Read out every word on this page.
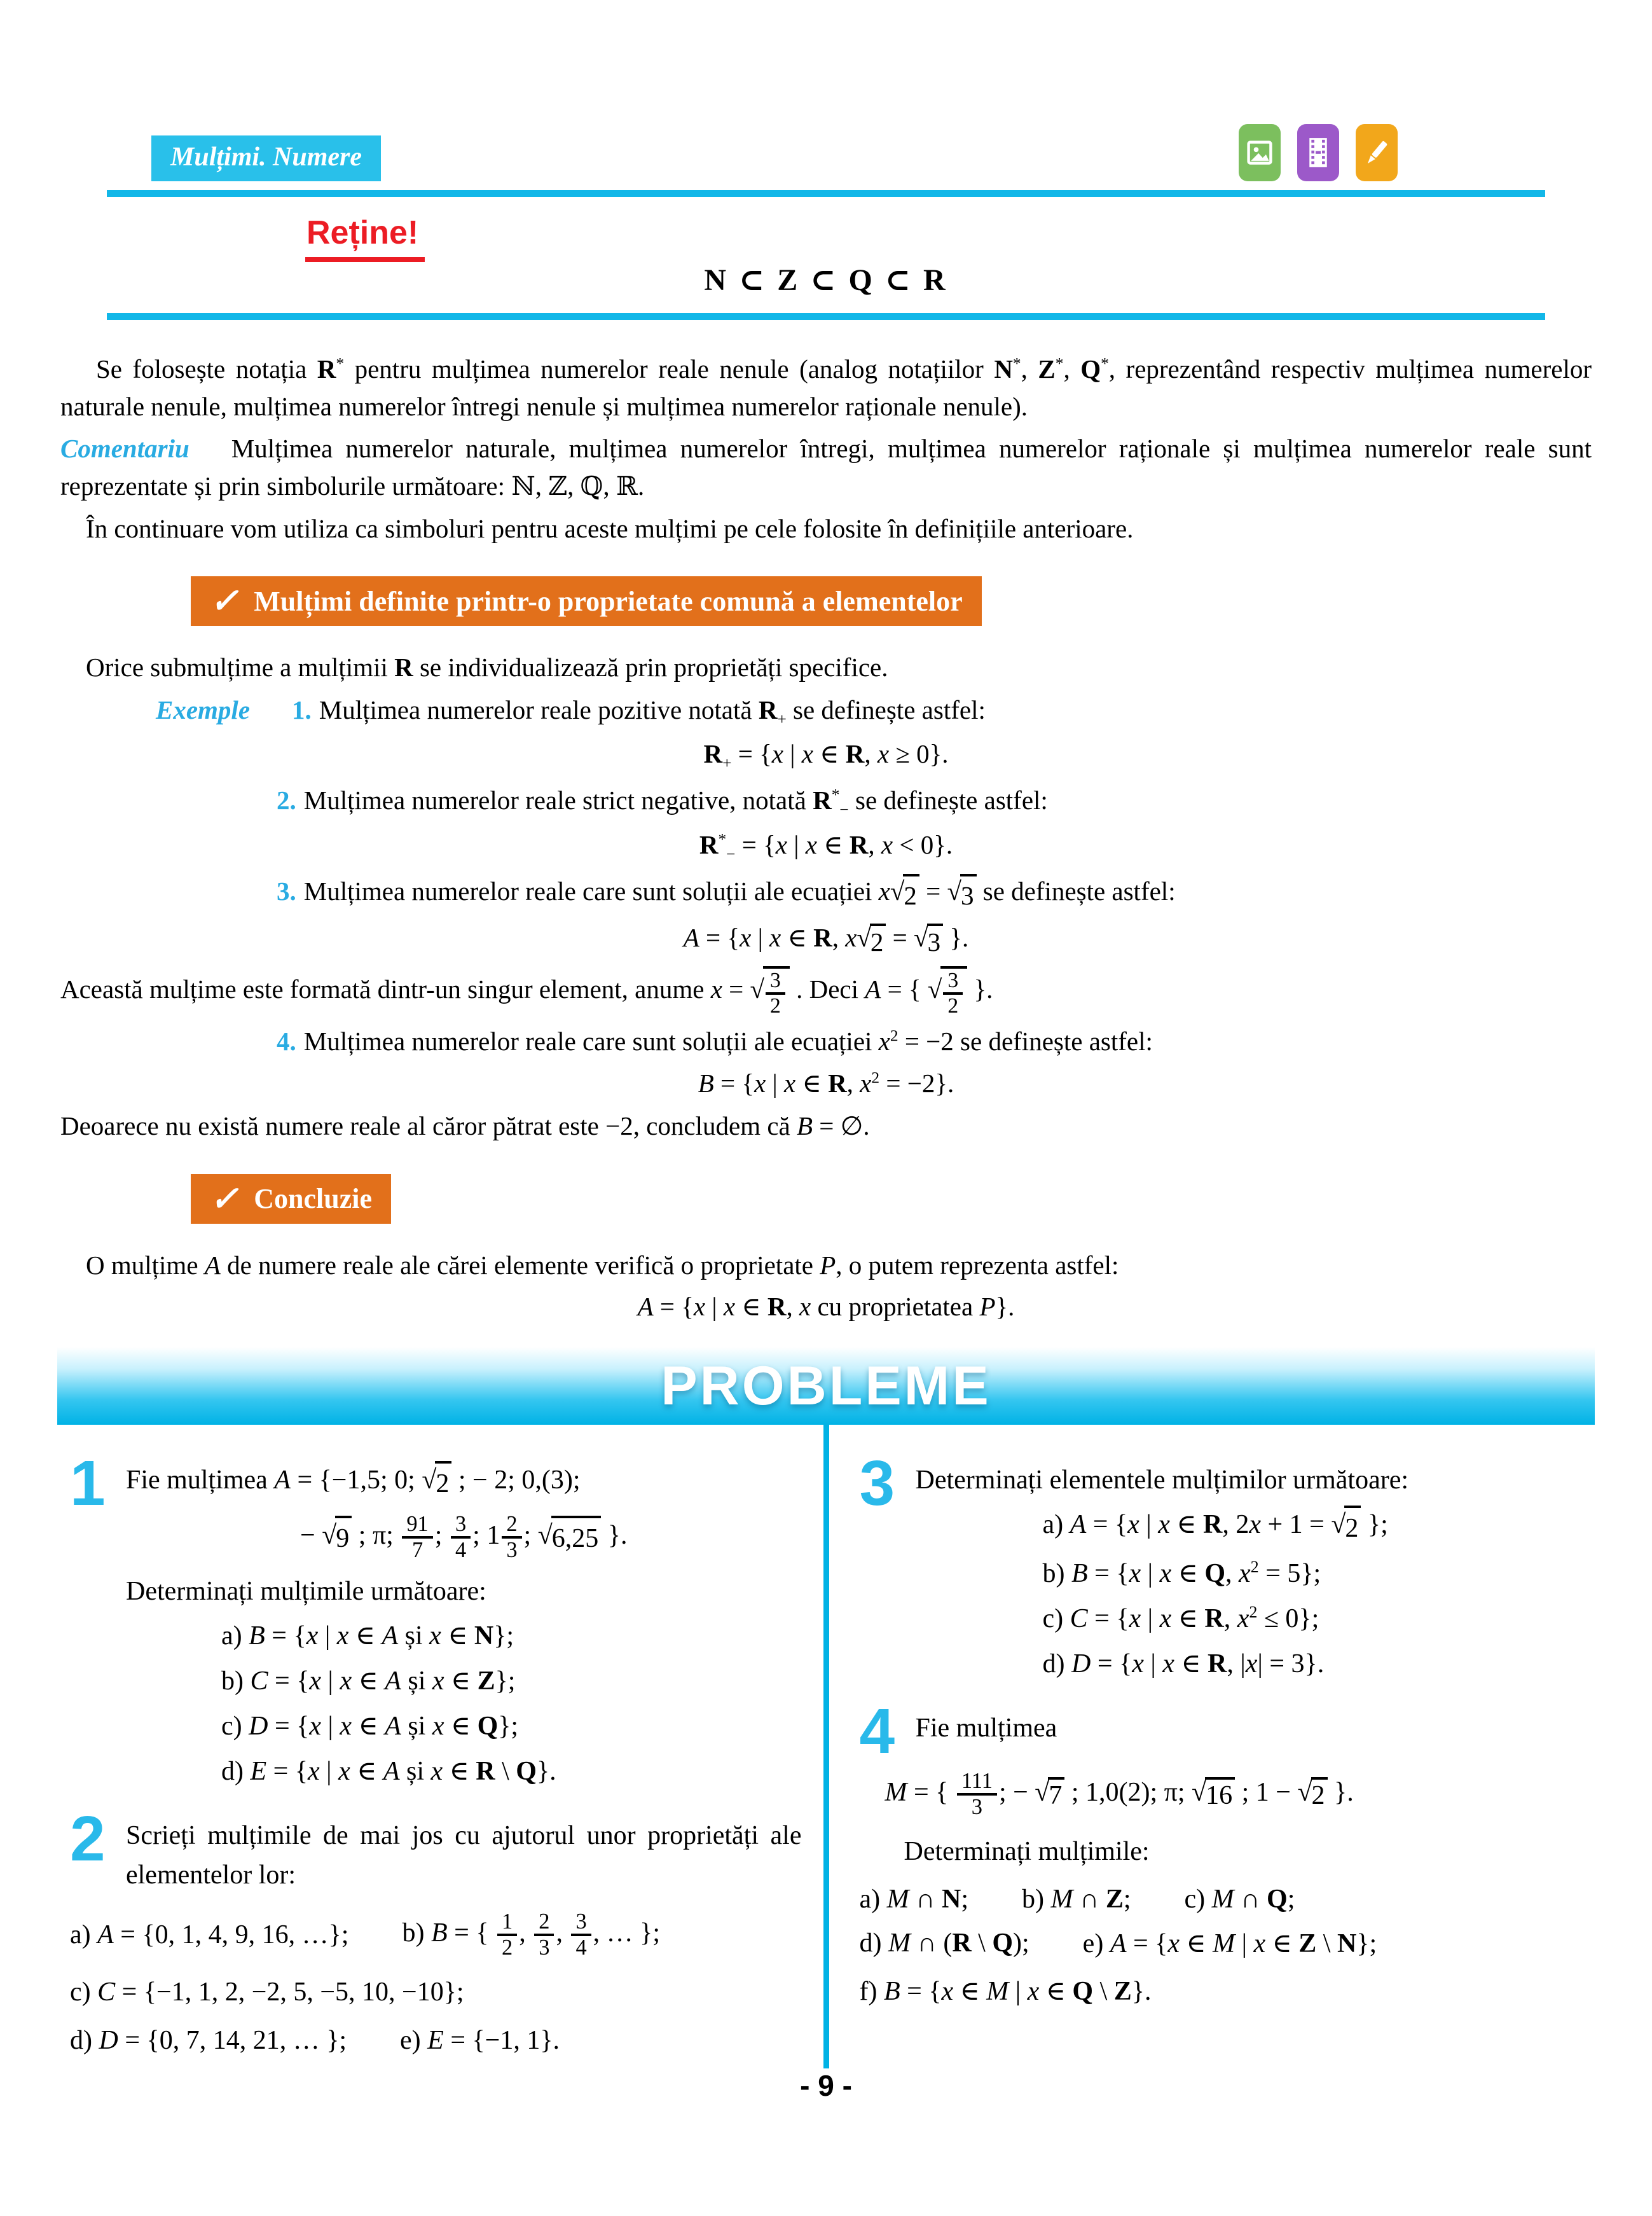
Mulțimi. Numere
Reține!
N ⊂ Z ⊂ Q ⊂ R

Se folosește notația R* pentru mulțimea numerelor reale nenule (analog notațiilor N*, Z*, Q*, reprezentând respectiv mulțimea numerelor naturale nenule, mulțimea numerelor întregi nenule și mulțimea numerelor raționale nenule).

Comentariu Mulțimea numerelor naturale, mulțimea numerelor întregi, mulțimea numerelor raționale și mulțimea numerelor reale sunt reprezentate și prin simbolurile următoare: ℕ, ℤ, ℚ, ℝ.

În continuare vom utiliza ca simboluri pentru aceste mulțimi pe cele folosite în definițiile anterioare.

✓ Mulțimi definite printr-o proprietate comună a elementelor

Orice submulțime a mulțimii R se individualizează prin proprietăți specifice.

Exemple 1. Mulțimea numerelor reale pozitive notată $R_+$ se definește astfel:

$R_+ = \{x$ | x ∈ R, x ≥ 0}.

2. Mulțimea numerelor reale strict negative, notată $R^*_-$ se definește astfel:

$R^*_- = \{x$ | x ∈ R, x < 0}.

3. Mulțimea numerelor reale care sunt soluții ale ecuației x√2 = √3 se definește astfel:

A = {x | x ∈ R, x√2 = √3 }.

Această mulțime este formată dintr-un singur element, anume x = √ $\frac{3}{2}$ . Deci A = { √ $\frac{3}{2}$ }.

4. Mulțimea numerelor reale care sunt soluții ale ecuației $x^2 = -2$ se definește astfel:

B = {x | x ∈ R, $x^2 = -2$}.

Deoarece nu există numere reale al căror pătrat este −2, concludem că B = ∅.

✓ Concluzie

O mulțime A de numere reale ale cărei elemente verifică o proprietate P, o putem reprezenta astfel:

A = {x | x ∈ R, x cu proprietatea P}.

PROBLEME
1 Fie mulțimea A = {−1,5; 0; √2 ; − 2; 0,(3);

− √9 ; π; $\frac{91}{7}$ ; $\frac{3}{4}$ ; $1 \frac{2}{3}$ ; √6,25 }.

Determinați mulțimile următoare:

a) B = {x | x ∈ A și x ∈ N};

b) C = {x | x ∈ A și x ∈ Z};

c) D = {x | x ∈ A și x ∈ Q};

d) E = {x | x ∈ A și x ∈ R \ Q}.

2 Scrieți mulțimile de mai jos cu ajutorul unor proprietăți ale elementelor lor:

a) A = {0, 1, 4, 9, 16, …}; b) B = { $\frac{1}{2}$ , $\frac{2}{3}$ , $\frac{3}{4}$ , … };

c) C = {−1, 1, 2, −2, 5, −5, 10, −10};

d) D = {0, 7, 14, 21, … }; e) E = {−1, 1}.
3 Determinați elementele mulțimilor următoare:

a) A = {x | x ∈ R, 2x + 1 = √2 };

b) B = {x | x ∈ Q, $x^2 = 5$};

c) C = {x | x ∈ R, $x^2 \le 0$};

d) D = {x | x ∈ R, |x| = 3}.

4 Fie mulțimea

M = { $\frac{111}{3}$ ; − √7 ; 1,0(2); π; √16 ; 1 − √2 }.

Determinați mulțimile:

a) M ∩ N; b) M ∩ Z; c) M ∩ Q;
d) M ∩ (R \ Q); e) A = {x ∈ M | x ∈ Z \ N};

f) B = {x ∈ M | x ∈ Q \ Z}.

- 9 -
